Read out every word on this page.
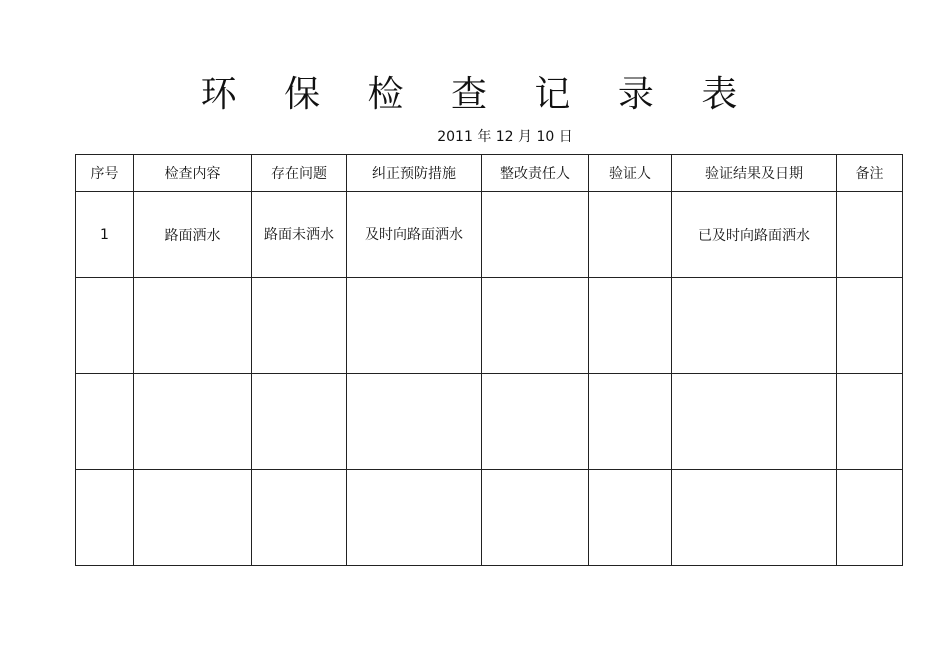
环 保 检 查 记 录 表
2011 年 12 月 10 日
序号	检查内容	存在问题	纠正预防措施	整改责任人	验证人	验证结果及日期	备注
1	路面洒水	路面未洒水	及时向路面洒水			已及时向路面洒水	
